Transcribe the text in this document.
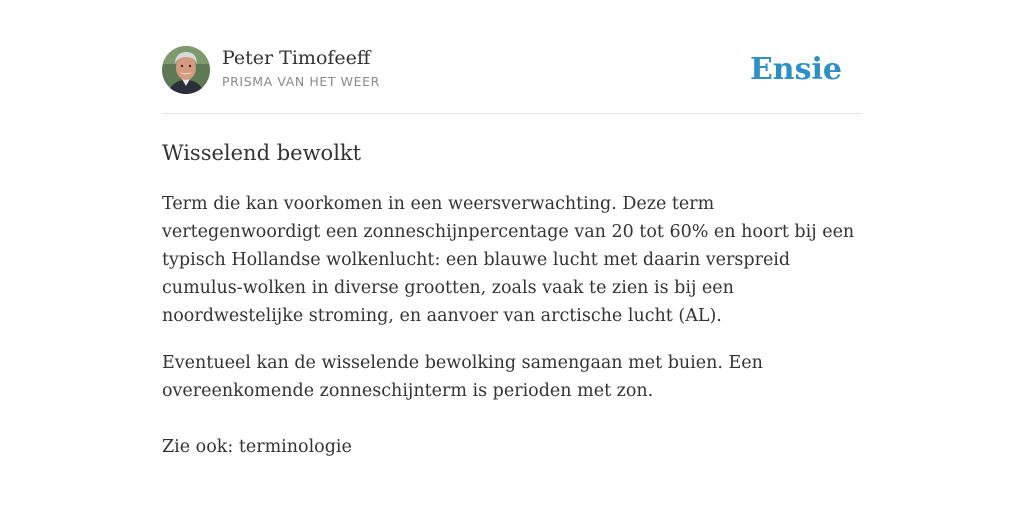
Peter Timofeeff
PRISMA VAN HET WEER	Ensie
Wisselend bewolkt

Term die kan voorkomen in een weersverwachting. Deze term vertegenwoordigt een zonneschijnpercentage van 20 tot 60% en hoort bij een typisch Hollandse wolkenlucht: een blauwe lucht met daarin verspreid cumulus-wolken in diverse grootten, zoals vaak te zien is bij een noordwestelijke stroming, en aanvoer van arctische lucht (AL).

Eventueel kan de wisselende bewolking samengaan met buien. Een overeenkomende zonneschijnterm is perioden met zon.

Zie ook: terminologie
